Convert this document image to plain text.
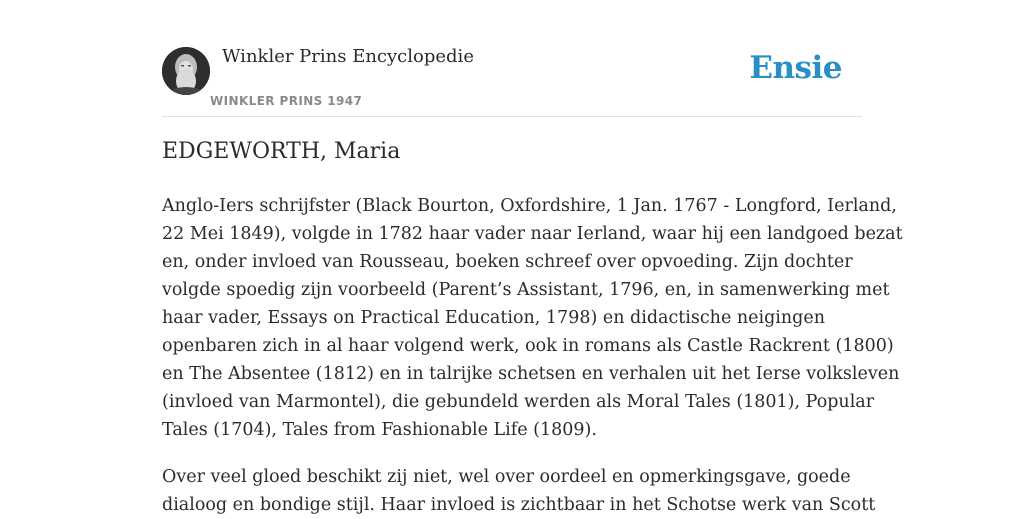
Winkler Prins Encyclopedie
WINKLER PRINS 1947
Ensie
EDGEWORTH, Maria

Anglo-Iers schrijfster (Black Bourton, Oxfordshire, 1 Jan. 1767 - Longford, Ierland,
22 Mei 1849), volgde in 1782 haar vader naar Ierland, waar hij een landgoed bezat
en, onder invloed van Rousseau, boeken schreef over opvoeding. Zijn dochter
volgde spoedig zijn voorbeeld (Parent’s Assistant, 1796, en, in samenwerking met
haar vader, Essays on Practical Education, 1798) en didactische neigingen
openbaren zich in al haar volgend werk, ook in romans als Castle Rackrent (1800)
en The Absentee (1812) en in talrijke schetsen en verhalen uit het Ierse volksleven
(invloed van Marmontel), die gebundeld werden als Moral Tales (1801), Popular
Tales (1704), Tales from Fashionable Life (1809).

Over veel gloed beschikt zij niet, wel over oordeel en opmerkingsgave, goede
dialoog en bondige stijl. Haar invloed is zichtbaar in het Schotse werk van Scott
